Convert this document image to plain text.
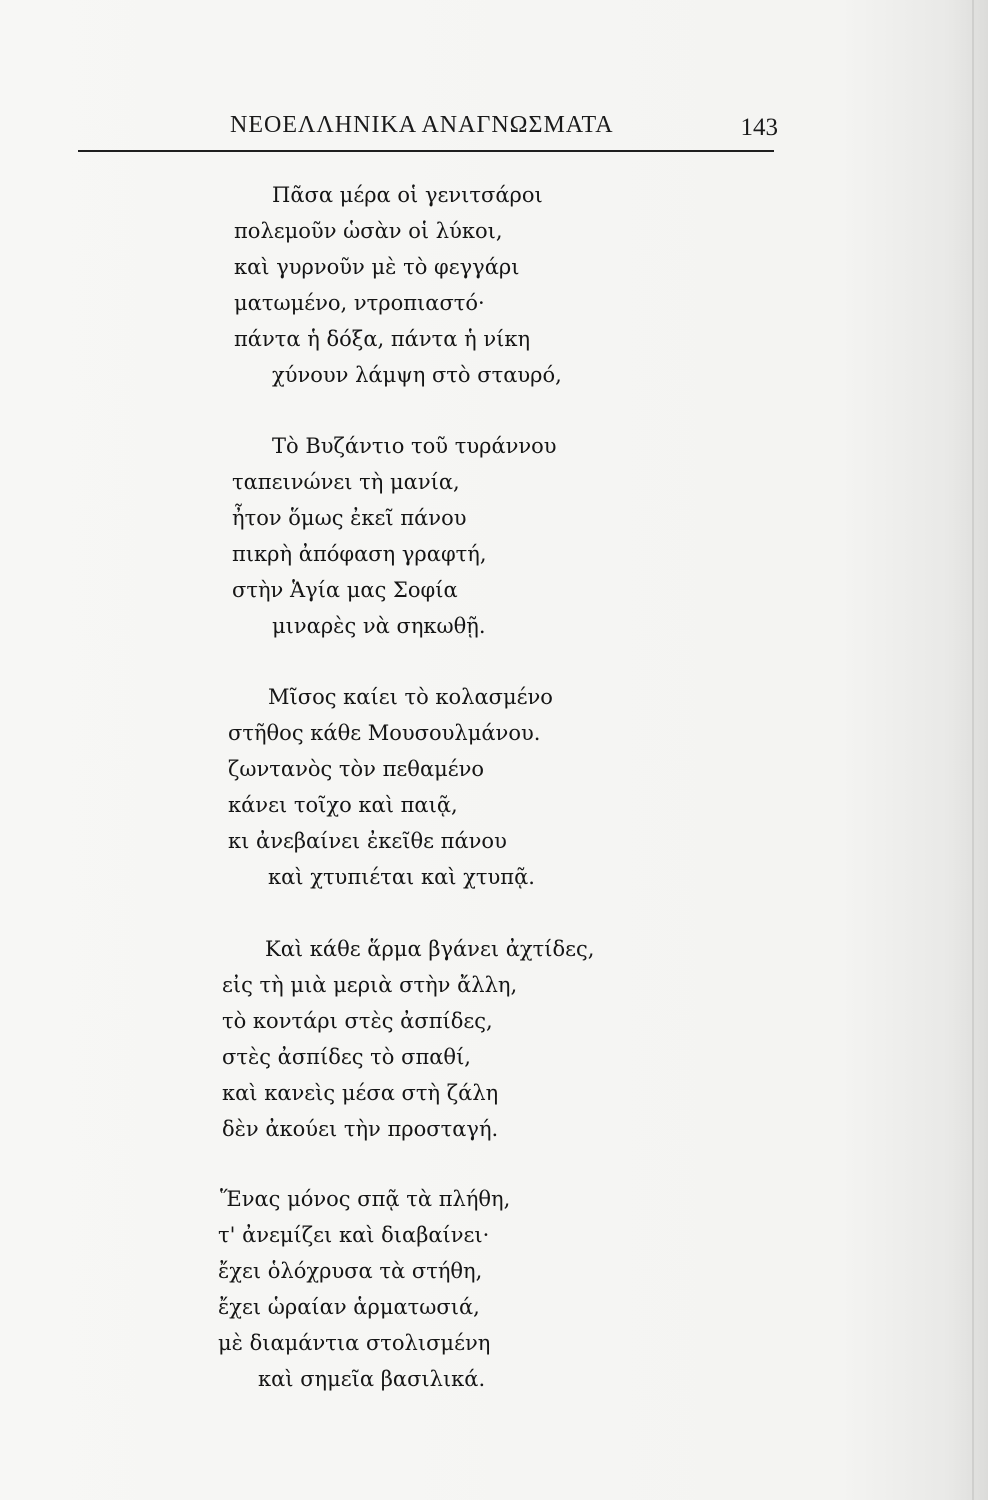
ΝΕΟΕΛΛΗΝΙΚΑ ΑΝΑΓΝΩΣΜΑΤΑ	143
Πᾶσα μέρα οἱ γενιτσάροι
πολεμοῦν ὡσὰν οἱ λύκοι,
καὶ γυρνοῦν μὲ τὸ φεγγάρι
ματωμένο, ντροπιαστό·
πάντα ἡ δόξα, πάντα ἡ νίκη
χύνουν λάμψη στὸ σταυρό,
Τὸ Βυζάντιο τοῦ τυράννου
ταπεινώνει τὴ μανία,
ἦτον ὅμως ἐκεῖ πάνου
πικρὴ ἀπόφαση γραφτή,
στὴν Ἁγία μας Σοφία
μιναρὲς νὰ σηκωθῇ.
Μῖσος καίει τὸ κολασμένο
στῆθος κάθε Μουσουλμάνου.
ζωντανὸς τὸν πεθαμένο
κάνει τοῖχο καὶ παιᾷ,
κι ἀνεβαίνει ἐκεῖθε πάνου
καὶ χτυπιέται καὶ χτυπᾷ.
Καὶ κάθε ἅρμα βγάνει ἀχτίδες,
εἰς τὴ μιὰ μεριὰ στὴν ἄλλη,
τὸ κοντάρι στὲς ἀσπίδες,
στὲς ἀσπίδες τὸ σπαθί,
καὶ κανεὶς μέσα στὴ ζάλη
δὲν ἀκούει τὴν προσταγή.
Ἕνας μόνος σπᾷ τὰ πλήθη,
τ' ἀνεμίζει καὶ διαβαίνει·
ἔχει ὁλόχρυσα τὰ στήθη,
ἔχει ὡραίαν ἁρματωσιά,
μὲ διαμάντια στολισμένη
καὶ σημεῖα βασιλικά.
